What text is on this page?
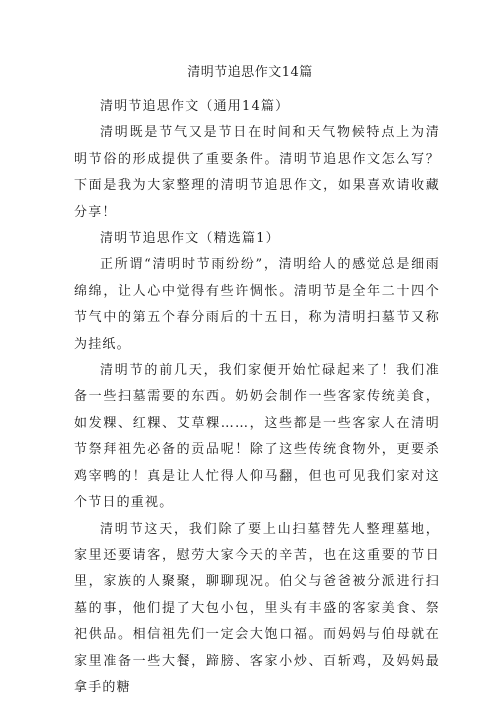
清明节追思作文14篇

清明节追思作文（通用14篇）

清明既是节气又是节日在时间和天气物候特点上为清明节俗的形成提供了重要条件。清明节追思作文怎么写？下面是我为大家整理的清明节追思作文，如果喜欢请收藏分享！

清明节追思作文（精选篇1）

正所谓“清明时节雨纷纷”，清明给人的感觉总是细雨绵绵，让人心中觉得有些许惆怅。清明节是全年二十四个节气中的第五个春分雨后的十五日，称为清明扫墓节又称为挂纸。

清明节的前几天，我们家便开始忙碌起来了！我们准备一些扫墓需要的东西。奶奶会制作一些客家传统美食，如发粿、红粿、艾草粿……，这些都是一些客家人在清明节祭拜祖先必备的贡品呢！除了这些传统食物外，更要杀鸡宰鸭的！真是让人忙得人仰马翻，但也可见我们家对这个节日的重视。

清明节这天，我们除了要上山扫墓替先人整理墓地，家里还要请客，慰劳大家今天的辛苦，也在这重要的节日里，家族的人聚聚，聊聊现况。伯父与爸爸被分派进行扫墓的事，他们提了大包小包，里头有丰盛的客家美食、祭祀供品。相信祖先们一定会大饱口福。而妈妈与伯母就在家里准备一些大餐，蹄膀、客家小炒、百斩鸡，及妈妈最拿手的糖
